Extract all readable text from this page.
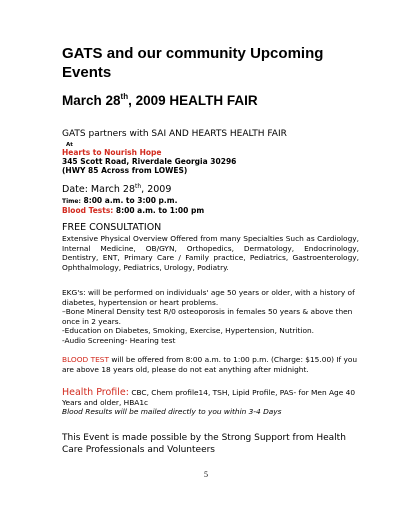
GATS and our community Upcoming Events
March 28th, 2009 HEALTH FAIR
GATS partners with SAI AND HEARTS HEALTH FAIR
At
Hearts to Nourish Hope
345 Scott Road, Riverdale Georgia 30296
(HWY 85 Across from LOWES)
Date: March 28th, 2009
Time: 8:00 a.m. to 3:00 p.m.
Blood Tests: 8:00 a.m. to 1:00 pm
FREE CONSULTATION
Extensive Physical Overview Offered from many Specialties Such as Cardiology, Internal Medicine, OB/GYN, Orthopedics, Dermatology, Endocrinology, Dentistry, ENT, Primary Care / Family practice, Pediatrics, Gastroenterology, Ophthalmology, Pediatrics, Urology, Podiatry.
EKG's: will be performed on individuals' age 50 years or older, with a history of diabetes, hypertension or heart problems.
–Bone Mineral Density test R/0 osteoporosis in females 50 years & above then once in 2 years.
-Education on Diabetes, Smoking, Exercise, Hypertension, Nutrition.
-Audio Screening- Hearing test
BLOOD TEST will be offered from 8:00 a.m. to 1:00 p.m. (Charge: $15.00) If you are above 18 years old, please do not eat anything after midnight.
Health Profile: CBC, Chem profile14, TSH, Lipid Profile, PAS- for Men Age 40 Years and older, HBA1c
Blood Results will be mailed directly to you within 3-4 Days
This Event is made possible by the Strong Support from Health Care Professionals and Volunteers
5
